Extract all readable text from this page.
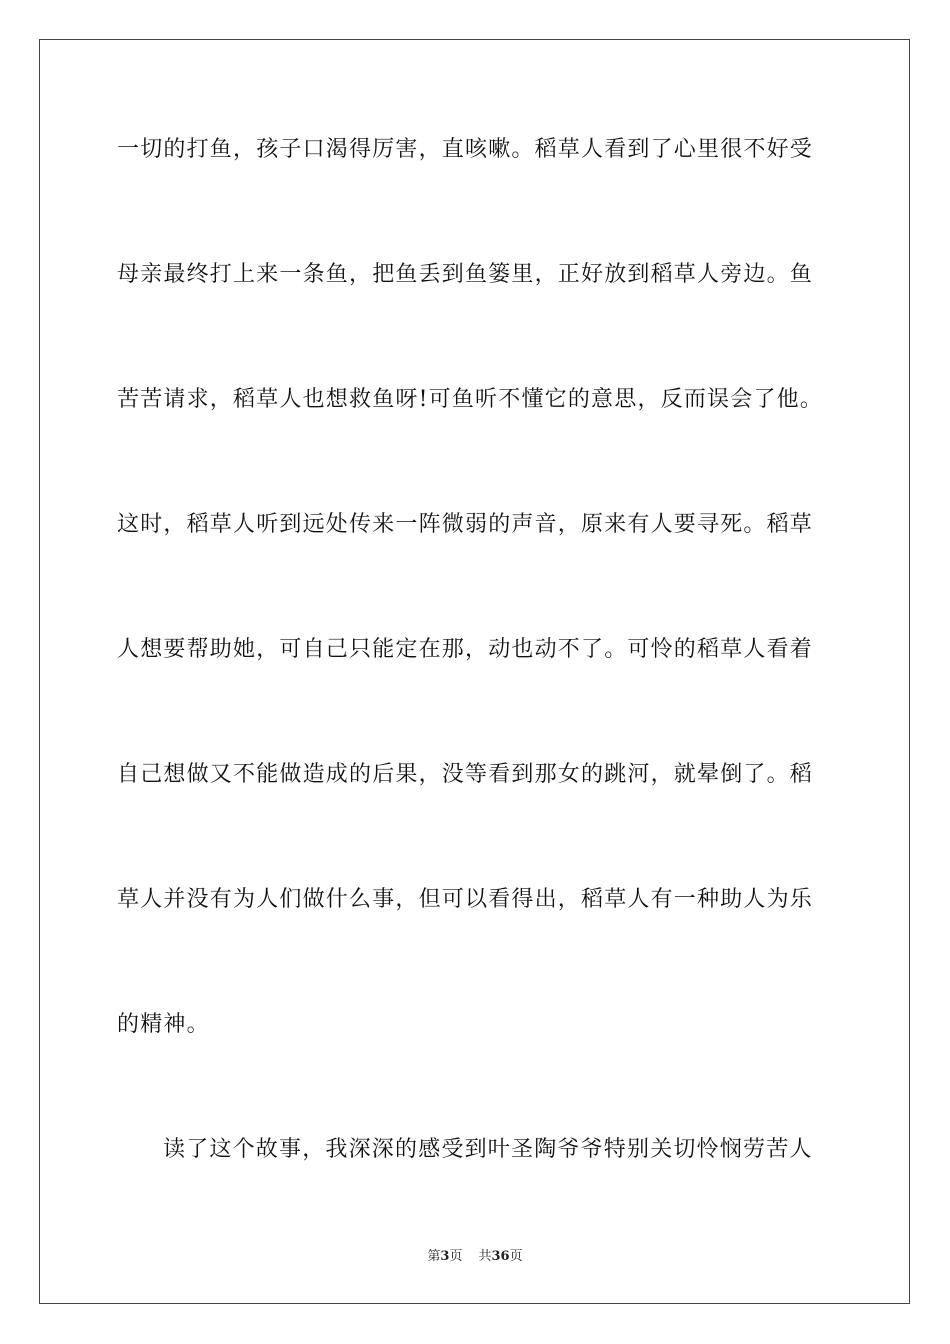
一切的打鱼，孩子口渴得厉害，直咳嗽。稻草人看到了心里很不好受
母亲最终打上来一条鱼，把鱼丢到鱼篓里，正好放到稻草人旁边。鱼
苦苦请求，稻草人也想救鱼呀!可鱼听不懂它的意思，反而误会了他。
这时，稻草人听到远处传来一阵微弱的声音，原来有人要寻死。稻草
人想要帮助她，可自己只能定在那，动也动不了。可怜的稻草人看着
自己想做又不能做造成的后果，没等看到那女的跳河，就晕倒了。稻
草人并没有为人们做什么事，但可以看得出，稻草人有一种助人为乐
的精神。
读了这个故事，我深深的感受到叶圣陶爷爷特别关切怜悯劳苦人
第3页 共36页
